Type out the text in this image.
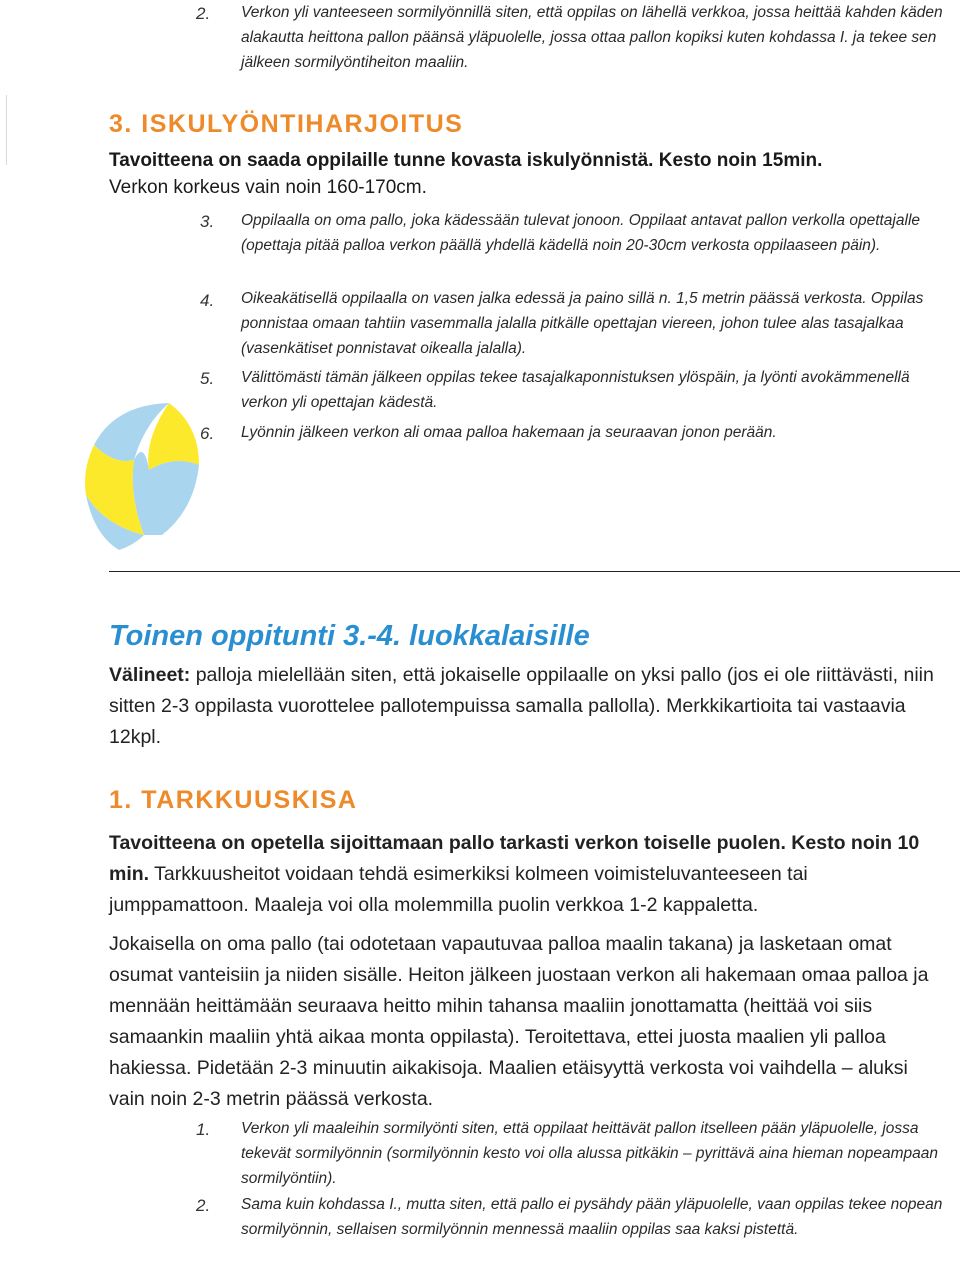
2. Verkon yli vanteeseen sormilyönnillä siten, että oppilas on lähellä verkkoa, jossa heittää kahden käden alakautta heittona pallon päänsä yläpuolelle, jossa ottaa pallon kopiksi kuten kohdassa I. ja tekee sen jälkeen sormilyöntiheiton maaliin.
3. ISKULYÖNTIHARJOITUS
Tavoitteena on saada oppilaille tunne kovasta iskulyönnistä. Kesto noin 15min.
Verkon korkeus vain noin 160-170cm.
3. Oppilaalla on oma pallo, joka kädessään tulevat jonoon. Oppilaat antavat pallon verkolla opettajalle (opettaja pitää palloa verkon päällä yhdellä kädellä noin 20-30cm verkosta oppilaaseen päin).
4. Oikeakätisellä oppilaalla on vasen jalka edessä ja paino sillä n. 1,5 metrin päässä verkosta. Oppilas ponnistaa omaan tahtiin vasemmalla jalalla pitkälle opettajan viereen, johon tulee alas tasajalkaa (vasenkätiset ponnistavat oikealla jalalla).
5. Välittömästi tämän jälkeen oppilas tekee tasajalkaponnistuksen ylöspäin, ja lyönti avokämmenellä verkon yli opettajan kädestä.
6. Lyönnin jälkeen verkon ali omaa palloa hakemaan ja seuraavan jonon perään.
Toinen oppitunti 3.-4. luokkalaisille
Välineet: palloja mielellään siten, että jokaiselle oppilaalle on yksi pallo (jos ei ole riittävästi, niin sitten 2-3 oppilasta vuorottelee pallotempuissa samalla pallolla). Merkkikartioita tai vastaavia 12kpl.
1. TARKKUUSKISA
Tavoitteena on opetella sijoittamaan pallo tarkasti verkon toiselle puolen. Kesto noin 10 min. Tarkkuusheitot voidaan tehdä esimerkiksi kolmeen voimisteluvanteeseen tai jumppamattoon. Maaleja voi olla molemmilla puolin verkkoa 1-2 kappaletta.
Jokaisella on oma pallo (tai odotetaan vapautuvaa palloa maalin takana) ja lasketaan omat osumat vanteisiin ja niiden sisälle. Heiton jälkeen juostaan verkon ali hakemaan omaa palloa ja mennään heittämään seuraava heitto mihin tahansa maaliin jonottamatta (heittää voi siis samaankin maaliin yhtä aikaa monta oppilasta). Teroitettava, ettei juosta maalien yli palloa hakiessa. Pidetään 2-3 minuutin aikakisoja. Maalien etäisyyttä verkosta voi vaihdella – aluksi vain noin 2-3 metrin päässä verkosta.
1. Verkon yli maaleihin sormilyönti siten, että oppilaat heittävät pallon itselleen pään yläpuolelle, jossa tekevät sormilyönnin (sormilyönnin kesto voi olla alussa pitkäkin – pyrittävä aina hieman nopeampaan sormilyöntiin).
2. Sama kuin kohdassa I., mutta siten, että pallo ei pysähdy pään yläpuolelle, vaan oppilas tekee nopean sormilyönnin, sellaisen sormilyönnin mennessä maaliin oppilas saa kaksi pistettä.
